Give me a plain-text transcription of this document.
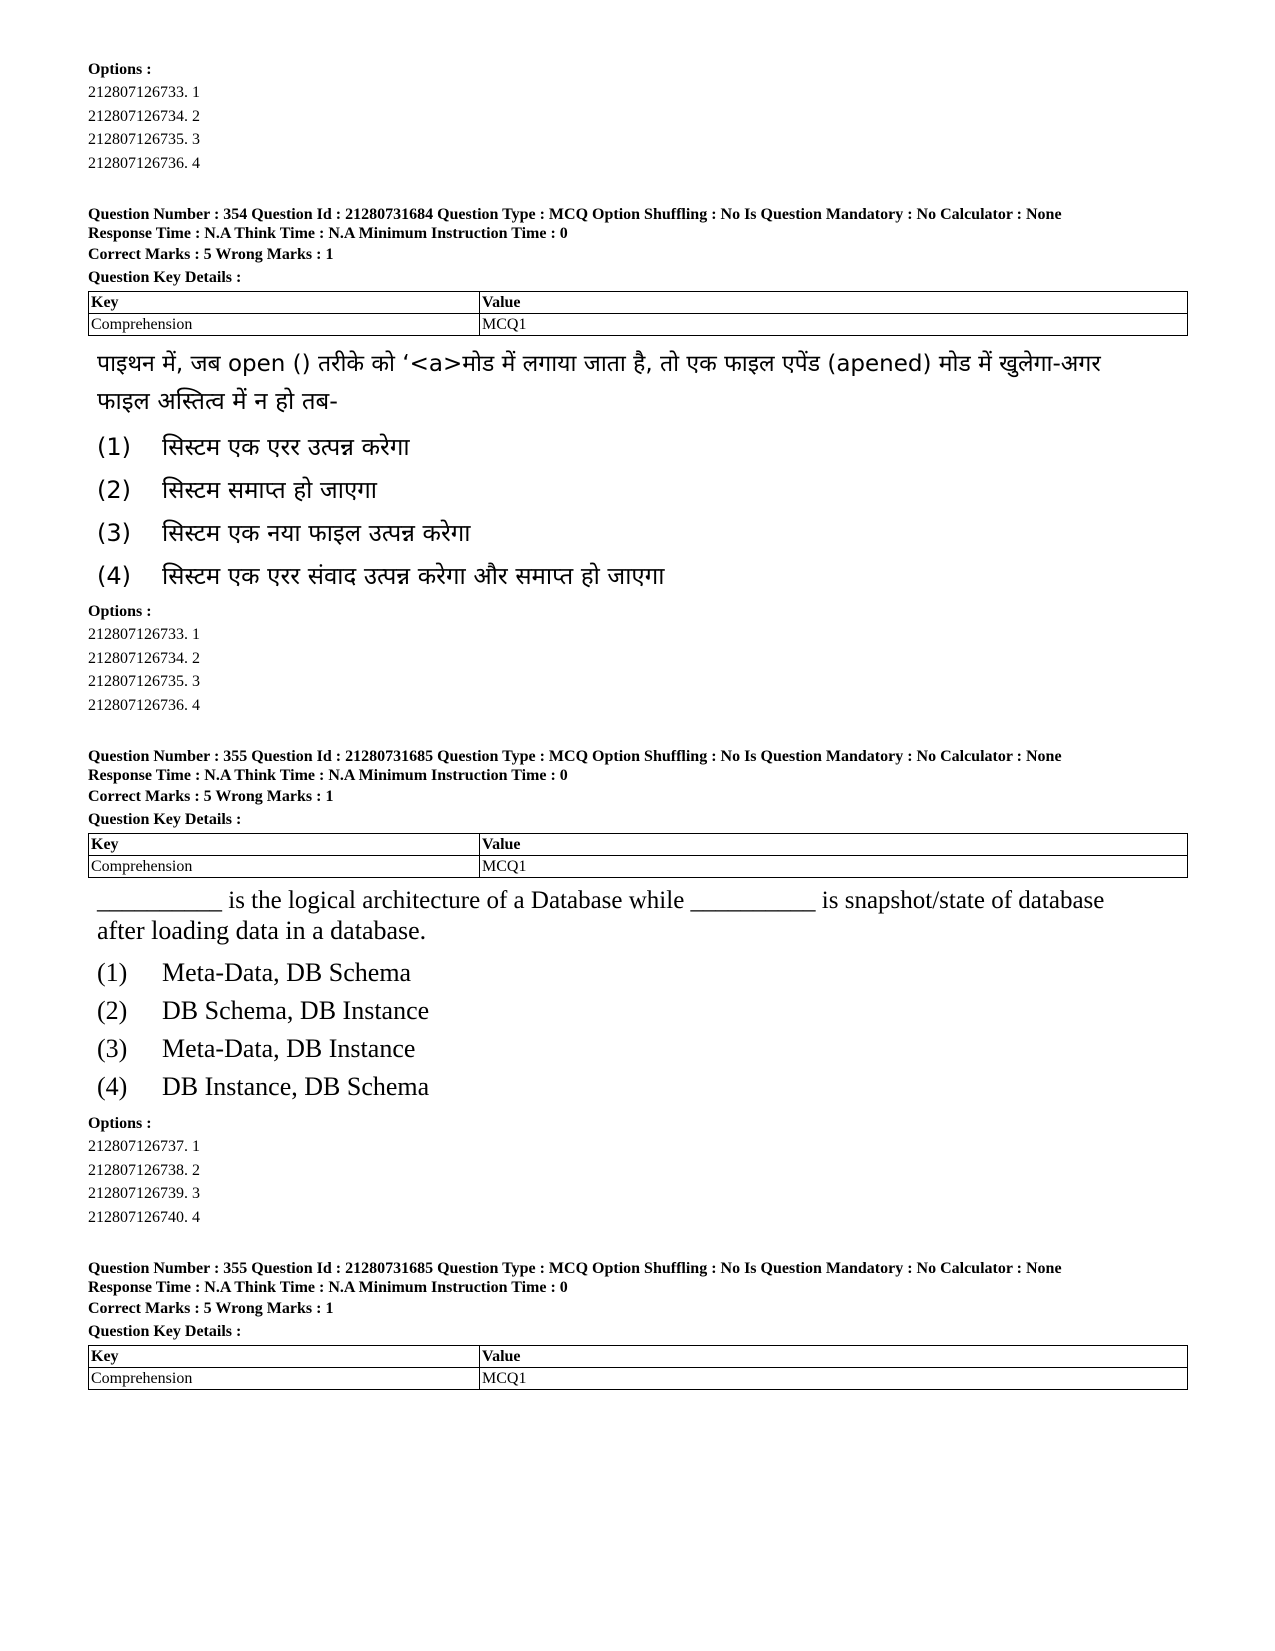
Options :
212807126733. 1
212807126734. 2
212807126735. 3
212807126736. 4
Question Number : 354 Question Id : 21280731684 Question Type : MCQ Option Shuffling : No Is Question Mandatory : No Calculator : None
Response Time : N.A Think Time : N.A Minimum Instruction Time : 0
Correct Marks : 5 Wrong Marks : 1
Question Key Details :
Key	Value
Comprehension	MCQ1
पाइथन में, जब open () तरीके को ‘<a>मोड में लगाया जाता है, तो एक फाइल एपेंड (apened) मोड में खुलेगा-अगर
फाइल अस्तित्व में न हो तब-
(1)	सिस्टम एक एरर उत्पन्न करेगा
(2)	सिस्टम समाप्त हो जाएगा
(3)	सिस्टम एक नया फाइल उत्पन्न करेगा
(4)	सिस्टम एक एरर संवाद उत्पन्न करेगा और समाप्त हो जाएगा
Options :
212807126733. 1
212807126734. 2
212807126735. 3
212807126736. 4
Question Number : 355 Question Id : 21280731685 Question Type : MCQ Option Shuffling : No Is Question Mandatory : No Calculator : None
Response Time : N.A Think Time : N.A Minimum Instruction Time : 0
Correct Marks : 5 Wrong Marks : 1
Question Key Details :
Key	Value
Comprehension	MCQ1
__________ is the logical architecture of a Database while __________ is snapshot/state of database
after loading data in a database.
(1)	Meta-Data, DB Schema
(2)	DB Schema, DB Instance
(3)	Meta-Data, DB Instance
(4)	DB Instance, DB Schema
Options :
212807126737. 1
212807126738. 2
212807126739. 3
212807126740. 4
Question Number : 355 Question Id : 21280731685 Question Type : MCQ Option Shuffling : No Is Question Mandatory : No Calculator : None
Response Time : N.A Think Time : N.A Minimum Instruction Time : 0
Correct Marks : 5 Wrong Marks : 1
Question Key Details :
Key	Value
Comprehension	MCQ1
